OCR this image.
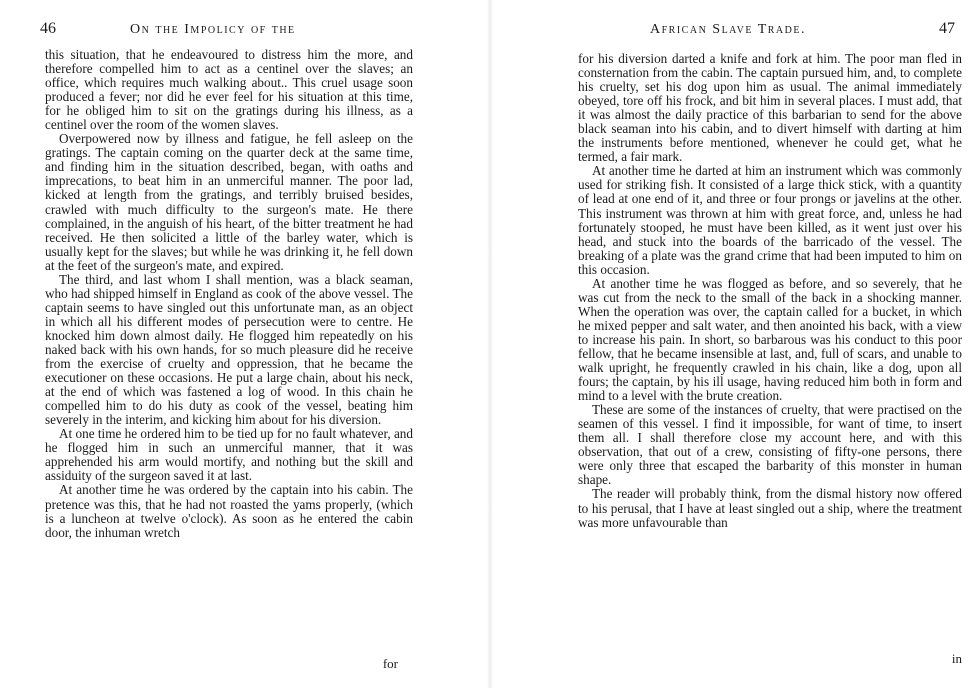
46	On the Impolicy of the

this situation, that he endeavoured to distress him the more, and therefore compelled him to act as a centinel over the slaves; an office, which requires much walking about.. This cruel usage soon produced a fever; nor did he ever feel for his situation at this time, for he obliged him to sit on the gratings during his illness, as a centinel over the room of the women slaves.

Overpowered now by illness and fatigue, he fell asleep on the gratings. The captain coming on the quarter deck at the same time, and finding him in the situation described, began, with oaths and imprecations, to beat him in an unmerciful manner. The poor lad, kicked at length from the gratings, and terribly bruised besides, crawled with much difficulty to the surgeon's mate. He there complained, in the anguish of his heart, of the bitter treatment he had received. He then solicited a little of the barley water, which is usually kept for the slaves; but while he was drinking it, he fell down at the feet of the surgeon's mate, and expired.

The third, and last whom I shall mention, was a black seaman, who had shipped himself in England as cook of the above vessel. The captain seems to have singled out this unfortunate man, as an object in which all his different modes of persecution were to centre. He knocked him down almost daily. He flogged him repeatedly on his naked back with his own hands, for so much pleasure did he receive from the exercise of cruelty and oppression, that he became the executioner on these occasions. He put a large chain, about his neck, at the end of which was fastened a log of wood. In this chain he compelled him to do his duty as cook of the vessel, beating him severely in the interim, and kicking him about for his diversion.

At one time he ordered him to be tied up for no fault whatever, and he flogged him in such an unmerciful manner, that it was apprehended his arm would mortify, and nothing but the skill and assiduity of the surgeon saved it at last.

At another time he was ordered by the captain into his cabin. The pretence was this, that he had not roasted the yams properly, (which is a luncheon at twelve o'clock). As soon as he entered the cabin door, the inhuman wretch

for
African Slave Trade.	47
in

for his diversion darted a knife and fork at him. The poor man fled in consternation from the cabin. The captain pursued him, and, to complete his cruelty, set his dog upon him as usual. The animal immediately obeyed, tore off his frock, and bit him in several places. I must add, that it was almost the daily practice of this barbarian to send for the above black seaman into his cabin, and to divert himself with darting at him the instruments before mentioned, whenever he could get, what he termed, a fair mark.

At another time he darted at him an instrument which was commonly used for striking fish. It consisted of a large thick stick, with a quantity of lead at one end of it, and three or four prongs or javelins at the other. This instrument was thrown at him with great force, and, unless he had fortunately stooped, he must have been killed, as it went just over his head, and stuck into the boards of the barricado of the vessel. The breaking of a plate was the grand crime that had been imputed to him on this occasion.

At another time he was flogged as before, and so severely, that he was cut from the neck to the small of the back in a shocking manner. When the operation was over, the captain called for a bucket, in which he mixed pepper and salt water, and then anointed his back, with a view to increase his pain. In short, so barbarous was his conduct to this poor fellow, that he became insensible at last, and, full of scars, and unable to walk upright, he frequently crawled in his chain, like a dog, upon all fours; the captain, by his ill usage, having reduced him both in form and mind to a level with the brute creation.

These are some of the instances of cruelty, that were practised on the seamen of this vessel. I find it impossible, for want of time, to insert them all. I shall therefore close my account here, and with this observation, that out of a crew, consisting of fifty-one persons, there were only three that escaped the barbarity of this monster in human shape.

The reader will probably think, from the dismal history now offered to his perusal, that I have at least singled out a ship, where the treatment was more unfavourable than
